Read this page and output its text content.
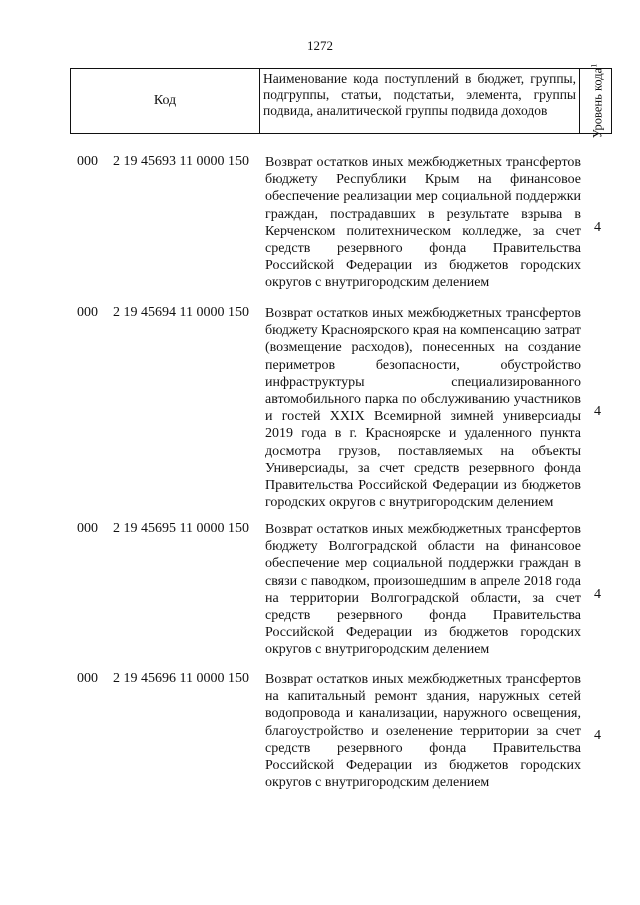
1272
Код
Наименование кода поступлений в бюджет, группы, подгруппы, статьи, подстатьи, элемента, группы подвида, аналитической группы подвида доходов	Уровень кода$^1$
000 2 19 45693 11 0000 150 Возврат остатков иных межбюджетных трансфертов бюджету Республики Крым на финансовое обеспечение реализации мер социальной поддержки граждан, пострадавших в результате взрыва в Керченском политехническом колледже, за счет средств резервного фонда Правительства Российской Федерации из бюджетов городских округов с внутригородским делением
4
000 2 19 45694 11 0000 150 Возврат остатков иных межбюджетных трансфертов бюджету Красноярского края на компенсацию затрат (возмещение расходов), понесенных на создание периметров безопасности, обустройство инфраструктуры специализированного автомобильного парка по обслуживанию участников и гостей XXIX Всемирной зимней универсиады 2019 года в г. Красноярске и удаленного пункта досмотра грузов, поставляемых на объекты Универсиады, за счет средств резервного фонда Правительства Российской Федерации из бюджетов городских округов с внутригородским делением
4
000 2 19 45695 11 0000 150 Возврат остатков иных межбюджетных трансфертов бюджету Волгоградской области на финансовое обеспечение мер социальной поддержки граждан в связи с паводком, произошедшим в апреле 2018 года на территории Волгоградской области, за счет средств резервного фонда Правительства Российской Федерации из бюджетов городских округов с внутригородским делением
4
000 2 19 45696 11 0000 150 Возврат остатков иных межбюджетных трансфертов на капитальный ремонт здания, наружных сетей водопровода и канализации, наружного освещения, благоустройство и озеленение территории за счет средств резервного фонда Правительства Российской Федерации из бюджетов городских округов с внутригородским делением
4
